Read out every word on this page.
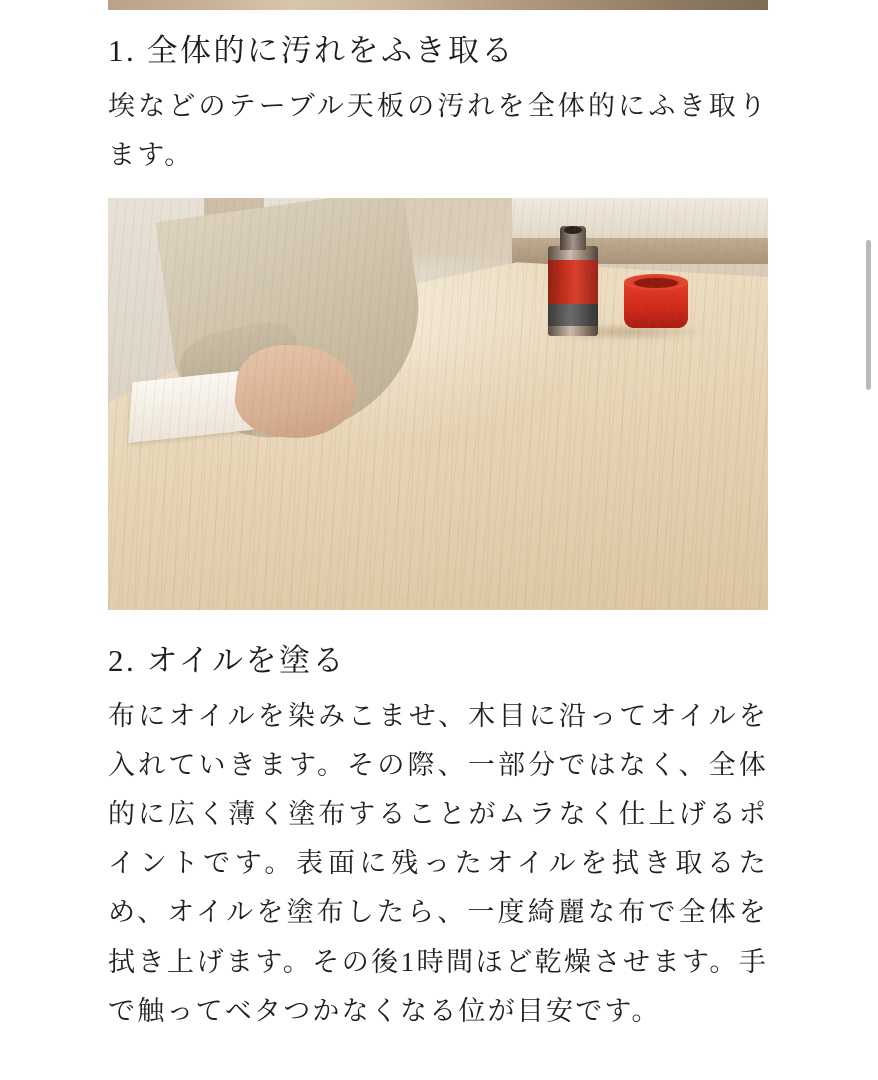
1. 全体的に汚れをふき取る

埃などのテーブル天板の汚れを全体的にふき取ります。

2. オイルを塗る

布にオイルを染みこませ、木目に沿ってオイルを入れていきます。その際、一部分ではなく、全体的に広く薄く塗布することがムラなく仕上げるポイントです。表面に残ったオイルを拭き取るため、オイルを塗布したら、一度綺麗な布で全体を拭き上げます。その後1時間ほど乾燥させます。手で触ってベタつかなくなる位が目安です。
